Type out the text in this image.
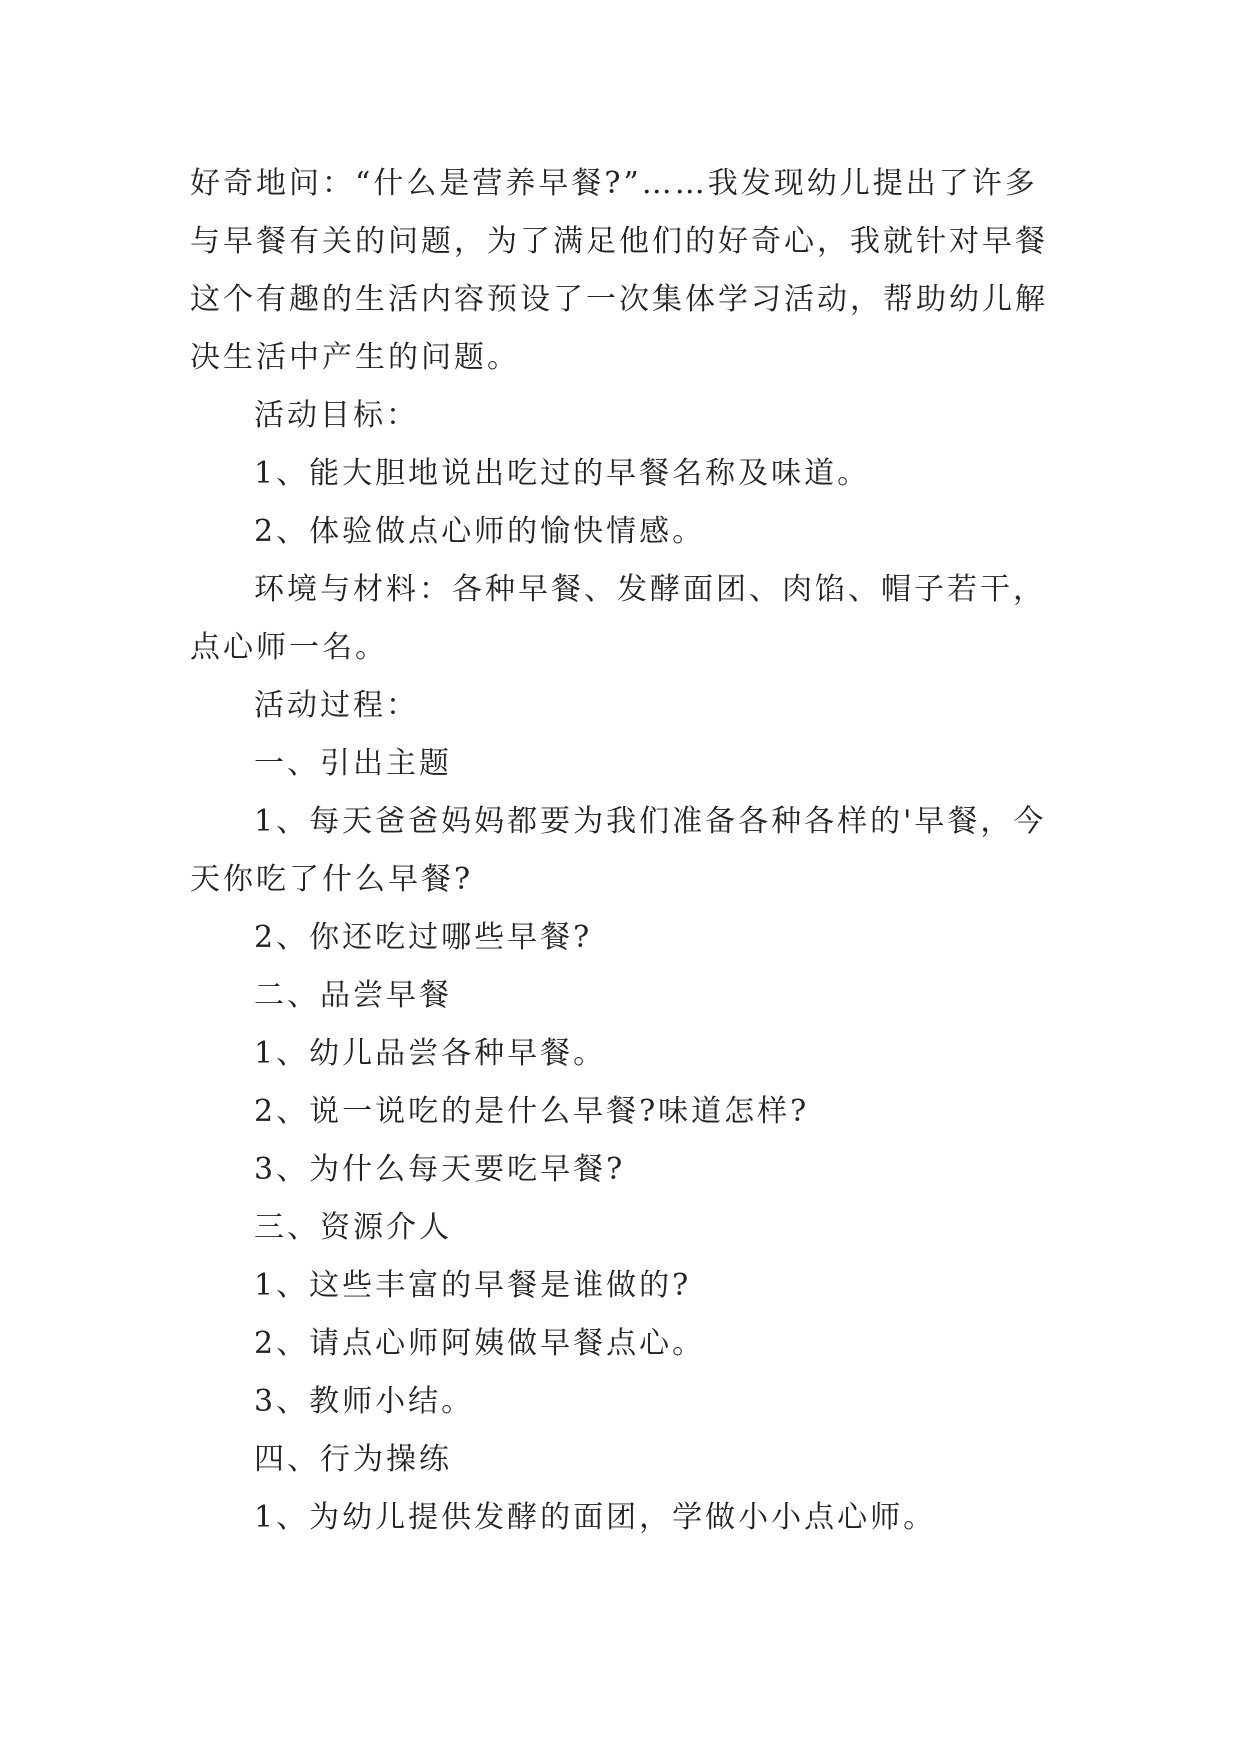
好奇地问：“什么是营养早餐?”……我发现幼儿提出了许多

与早餐有关的问题，为了满足他们的好奇心，我就针对早餐

这个有趣的生活内容预设了一次集体学习活动，帮助幼儿解

决生活中产生的问题。

活动目标：

1、能大胆地说出吃过的早餐名称及味道。

2、体验做点心师的愉快情感。

环境与材料：各种早餐、发酵面团、肉馅、帽子若干，

点心师一名。

活动过程：

一、引出主题

1、每天爸爸妈妈都要为我们准备各种各样的'早餐，今

天你吃了什么早餐?

2、你还吃过哪些早餐?

二、品尝早餐

1、幼儿品尝各种早餐。

2、说一说吃的是什么早餐?味道怎样?

3、为什么每天要吃早餐?

三、资源介人

1、这些丰富的早餐是谁做的?

2、请点心师阿姨做早餐点心。

3、教师小结。

四、行为操练

1、为幼儿提供发酵的面团，学做小小点心师。
